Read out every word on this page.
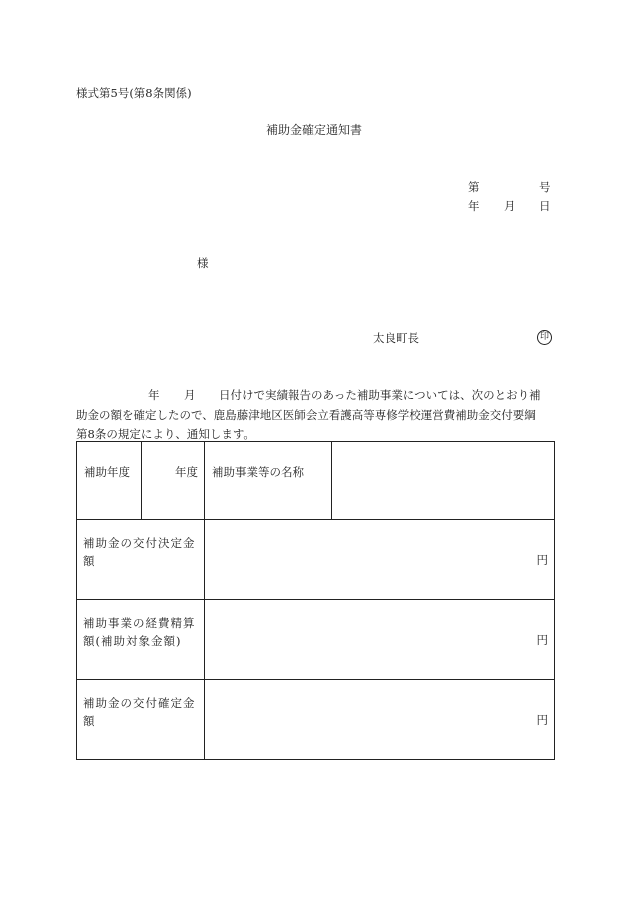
様式第5号(第8条関係)
補助金確定通知書
第	号
年 月 日
様
太良町長	印
年 月 日付けで実績報告のあった補助事業については、次のとおり補
助金の額を確定したので、鹿島藤津地区医師会立看護高等専修学校運営費補助金交付要綱
第8条の規定により、通知します。
補助年度	年度	補助事業等の名称	
補助金の交付決定金額		円	
補助事業の経費精算額(補助対象金額)		円	
補助金の交付確定金額		円	
